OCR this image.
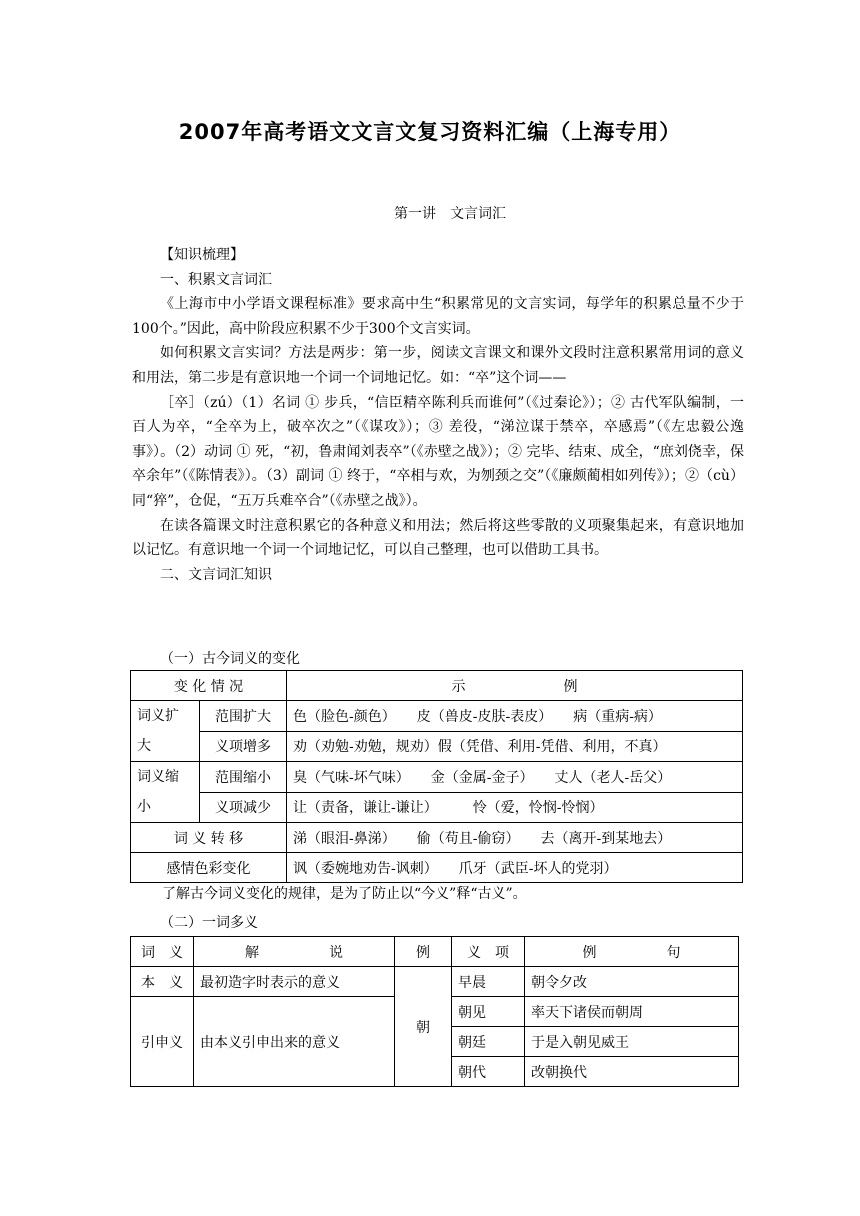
2007年高考语文文言文复习资料汇编（上海专用）
第一讲　文言词汇

【知识梳理】

一、积累文言词汇

《上海市中小学语文课程标准》要求高中生“积累常见的文言实词，每学年的积累总量不少于100个。”因此，高中阶段应积累不少于300个文言实词。

如何积累文言实词？方法是两步：第一步，阅读文言课文和课外文段时注意积累常用词的意义和用法，第二步是有意识地一个词一个词地记忆。如：“卒”这个词——

［卒］（zú）（1）名词 ① 步兵，“信臣精卒陈利兵而谁何”（《过秦论》）；② 古代军队编制，一百人为卒，“全卒为上，破卒次之”（《谋攻》）；③ 差役，“涕泣谋于禁卒，卒感焉”（《左忠毅公逸事》）。（2）动词 ① 死，“初，鲁肃闻刘表卒”（《赤壁之战》）；② 完毕、结束、成全，“庶刘侥幸，保卒余年”（《陈情表》）。（3）副词 ① 终于，“卒相与欢，为刎颈之交”（《廉颇蔺相如列传》）；②（cù）同“猝”，仓促，“五万兵难卒合”（《赤壁之战》）。

在读各篇课文时注意积累它的各种意义和用法；然后将这些零散的义项聚集起来，有意识地加以记忆。有意识地一个词一个词地记忆，可以自己整理，也可以借助工具书。

二、文言词汇知识

（一）古今词义的变化
变 化 情 况		示　　　　　　　例
词义扩
大	范围扩大	色（脸色-颜色）　　皮（兽皮-皮肤-表皮）　　病（重病-病）
	义项增多	劝（劝勉-劝勉，规劝）假（凭借、利用-凭借、利用，不真）
词义缩
小	范围缩小	臭（气味-坏气味）　　金（金属-金子）　　丈人（老人-岳父）
	义项减少	让（责备，谦让-谦让）　　　怜（爱，怜悯-怜悯）
词 义 转 移		涕（眼泪-鼻涕）　　偷（苟且-偷窃）　　去（离开-到某地去）
感情色彩变化		讽（委婉地劝告-讽刺）　　爪牙（武臣-坏人的党羽）
了解古今词义变化的规律，是为了防止以“今义”释“古义”。
（二）一词多义
词　义	解　　　　　说	例	义　项	例　　　　　句
本　义	最初造字时表示的意义	朝	早晨	朝令夕改
引申义	由本义引申出来的意义		朝见	率天下诸侯而朝周
			朝廷	于是入朝见威王
			朝代	改朝换代
